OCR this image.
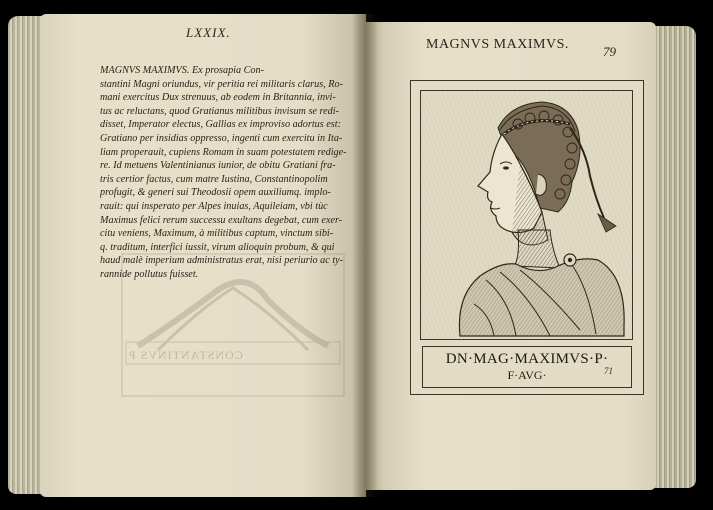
CONSTANTINVS P
LXXIX.
MAGNVS MAXIMVS. Ex prosapia Con-
stantini Magni oriundus, vir peritia rei militaris clarus, Ro-
mani exercitus Dux strenuus, ab eodem in Britannia, invi-
tus ac reluctans, quod Gratianus militibus invisum se redi-
disset, Imperator electus, Gallias ex improviso adortus est:
Gratiano per insidias oppresso, ingenti cum exercitu in Ita-
liam properauit, cupiens Romam in suam potestatem redige-
re. Id metuens Valentinianus iunior, de obitu Gratiani fra-
tris certior factus, cum matre Iustina, Constantinopolim
profugit, & generi sui Theodosii opem auxiliumq. implo-
rauit: qui insperato per Alpes inuias, Aquileiam, vbi tùc
Maximus felici rerum successu exultans degebat, cum exer-
citu veniens, Maximum, à militibus captum, vinctum sibi-
q. traditum, interfici iussit, virum alioquin probum, & qui
haud malè imperium administratus erat, nisi periurio ac ty-
rannide pollutus fuisset.
MAGNVS MAXIMVS.	79
DN·MAG·MAXIMVS·P·
F·AVG·	71
